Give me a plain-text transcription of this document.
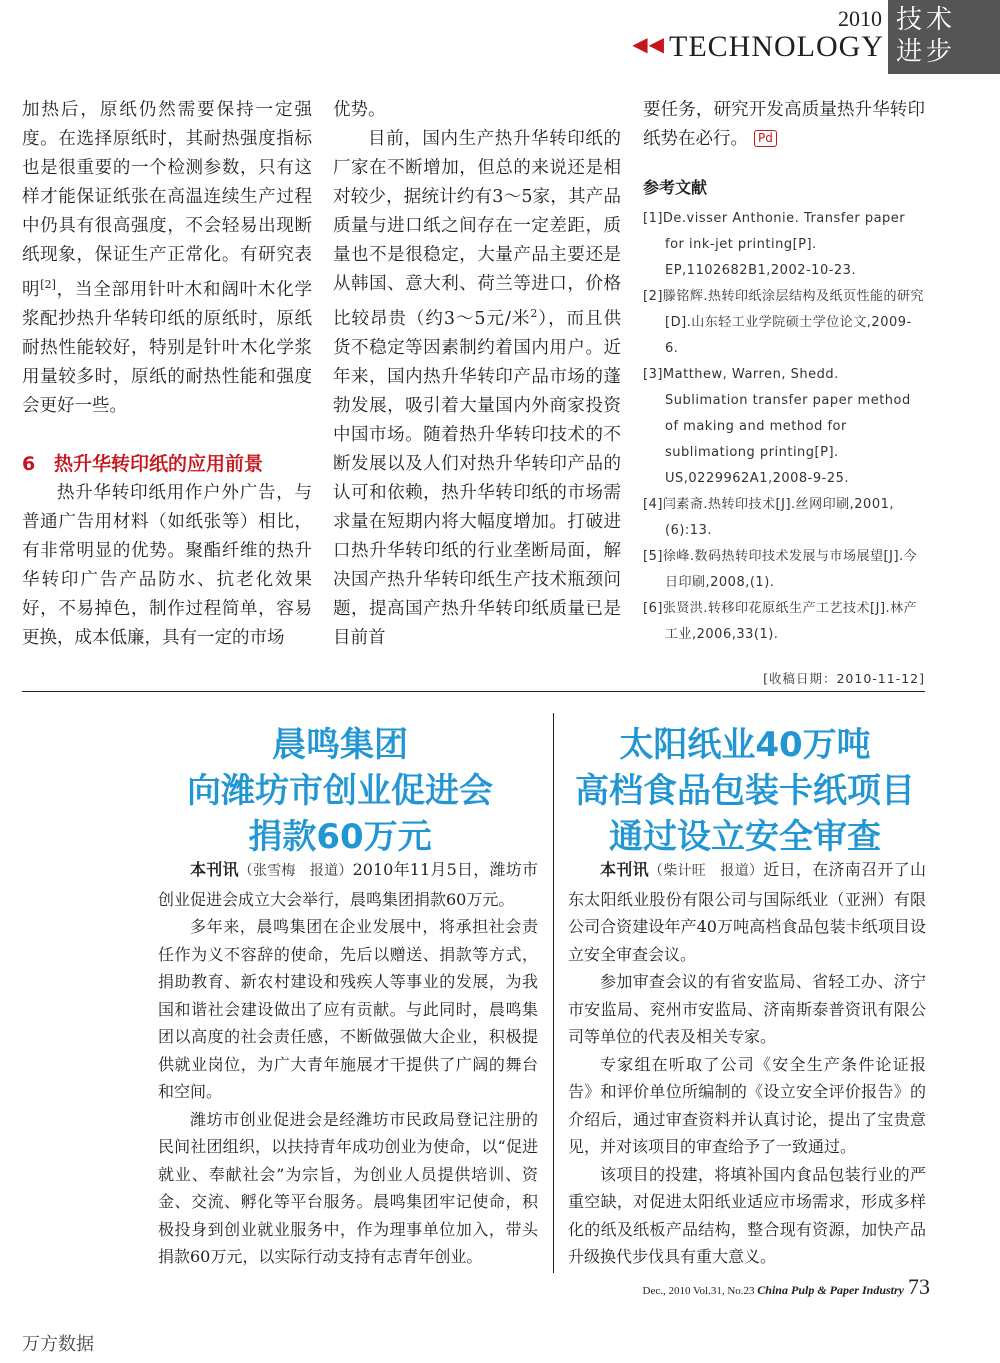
2010
◀◀ TECHNOLOGY
技术
进步

加热后，原纸仍然需要保持一定强度。在选择原纸时，其耐热强度指标也是很重要的一个检测参数，只有这样才能保证纸张在高温连续生产过程中仍具有很高强度，不会轻易出现断纸现象，保证生产正常化。有研究表明[2]，当全部用针叶木和阔叶木化学浆配抄热升华转印纸的原纸时，原纸耐热性能较好，特别是针叶木化学浆用量较多时，原纸的耐热性能和强度会更好一些。

6 热升华转印纸的应用前景

热升华转印纸用作户外广告，与普通广告用材料（如纸张等）相比，有非常明显的优势。聚酯纤维的热升华转印广告产品防水、抗老化效果好，不易掉色，制作过程简单，容易更换，成本低廉，具有一定的市场

优势。

目前，国内生产热升华转印纸的厂家在不断增加，但总的来说还是相对较少，据统计约有3～5家，其产品质量与进口纸之间存在一定差距，质量也不是很稳定，大量产品主要还是从韩国、意大利、荷兰等进口，价格比较昂贵（约3～5元/米$^2$），而且供货不稳定等因素制约着国内用户。近年来，国内热升华转印产品市场的蓬勃发展，吸引着大量国内外商家投资中国市场。随着热升华转印技术的不断发展以及人们对热升华转印产品的认可和依赖，热升华转印纸的市场需求量在短期内将大幅度增加。打破进口热升华转印纸的行业垄断局面，解决国产热升华转印纸生产技术瓶颈问题，提高国产热升华转印纸质量已是目前首

要任务，研究开发高质量热升华转印纸势在必行。 Pd

参考文献
[1]De.visser Anthonie. Transfer paper for ink-jet printing[P]. EP,1102682B1,2002-10-23.
[2]滕铭辉.热转印纸涂层结构及纸页性能的研究[D].山东轻工业学院硕士学位论文,2009-6.
[3]Matthew, Warren, Shedd. Sublimation transfer paper method of making and method for sublimationg printing[P]. US,0229962A1,2008-9-25.
[4]闫素斋.热转印技术[J].丝网印刷,2001,(6):13.
[5]徐峰.数码热转印技术发展与市场展望[J].今日印刷,2008,(1).
[6]张贤洪.转移印花原纸生产工艺技术[J].林产工业,2006,33(1).
[收稿日期：2010-11-12]
晨鸣集团
向潍坊市创业促进会
捐款60万元

本刊讯（张雪梅　报道）2010年11月5日，潍坊市创业促进会成立大会举行，晨鸣集团捐款60万元。

多年来，晨鸣集团在企业发展中，将承担社会责任作为义不容辞的使命，先后以赠送、捐款等方式，捐助教育、新农村建设和残疾人等事业的发展，为我国和谐社会建设做出了应有贡献。与此同时，晨鸣集团以高度的社会责任感，不断做强做大企业，积极提供就业岗位，为广大青年施展才干提供了广阔的舞台和空间。

潍坊市创业促进会是经潍坊市民政局登记注册的民间社团组织，以扶持青年成功创业为使命，以“促进就业、奉献社会”为宗旨，为创业人员提供培训、资金、交流、孵化等平台服务。晨鸣集团牢记使命，积极投身到创业就业服务中，作为理事单位加入，带头捐款60万元，以实际行动支持有志青年创业。

太阳纸业40万吨
高档食品包装卡纸项目
通过设立安全审查

本刊讯（柴计旺　报道）近日，在济南召开了山东太阳纸业股份有限公司与国际纸业（亚洲）有限公司合资建设年产40万吨高档食品包装卡纸项目设立安全审查会议。

参加审查会议的有省安监局、省轻工办、济宁市安监局、兖州市安监局、济南斯泰普资讯有限公司等单位的代表及相关专家。

专家组在听取了公司《安全生产条件论证报告》和评价单位所编制的《设立安全评价报告》的介绍后，通过审查资料并认真讨论，提出了宝贵意见，并对该项目的审查给予了一致通过。

该项目的投建，将填补国内食品包装行业的严重空缺，对促进太阳纸业适应市场需求，形成多样化的纸及纸板产品结构，整合现有资源，加快产品升级换代步伐具有重大意义。

Dec., 2010 Vol.31, No.23 China Pulp & Paper Industry 73
万方数据
